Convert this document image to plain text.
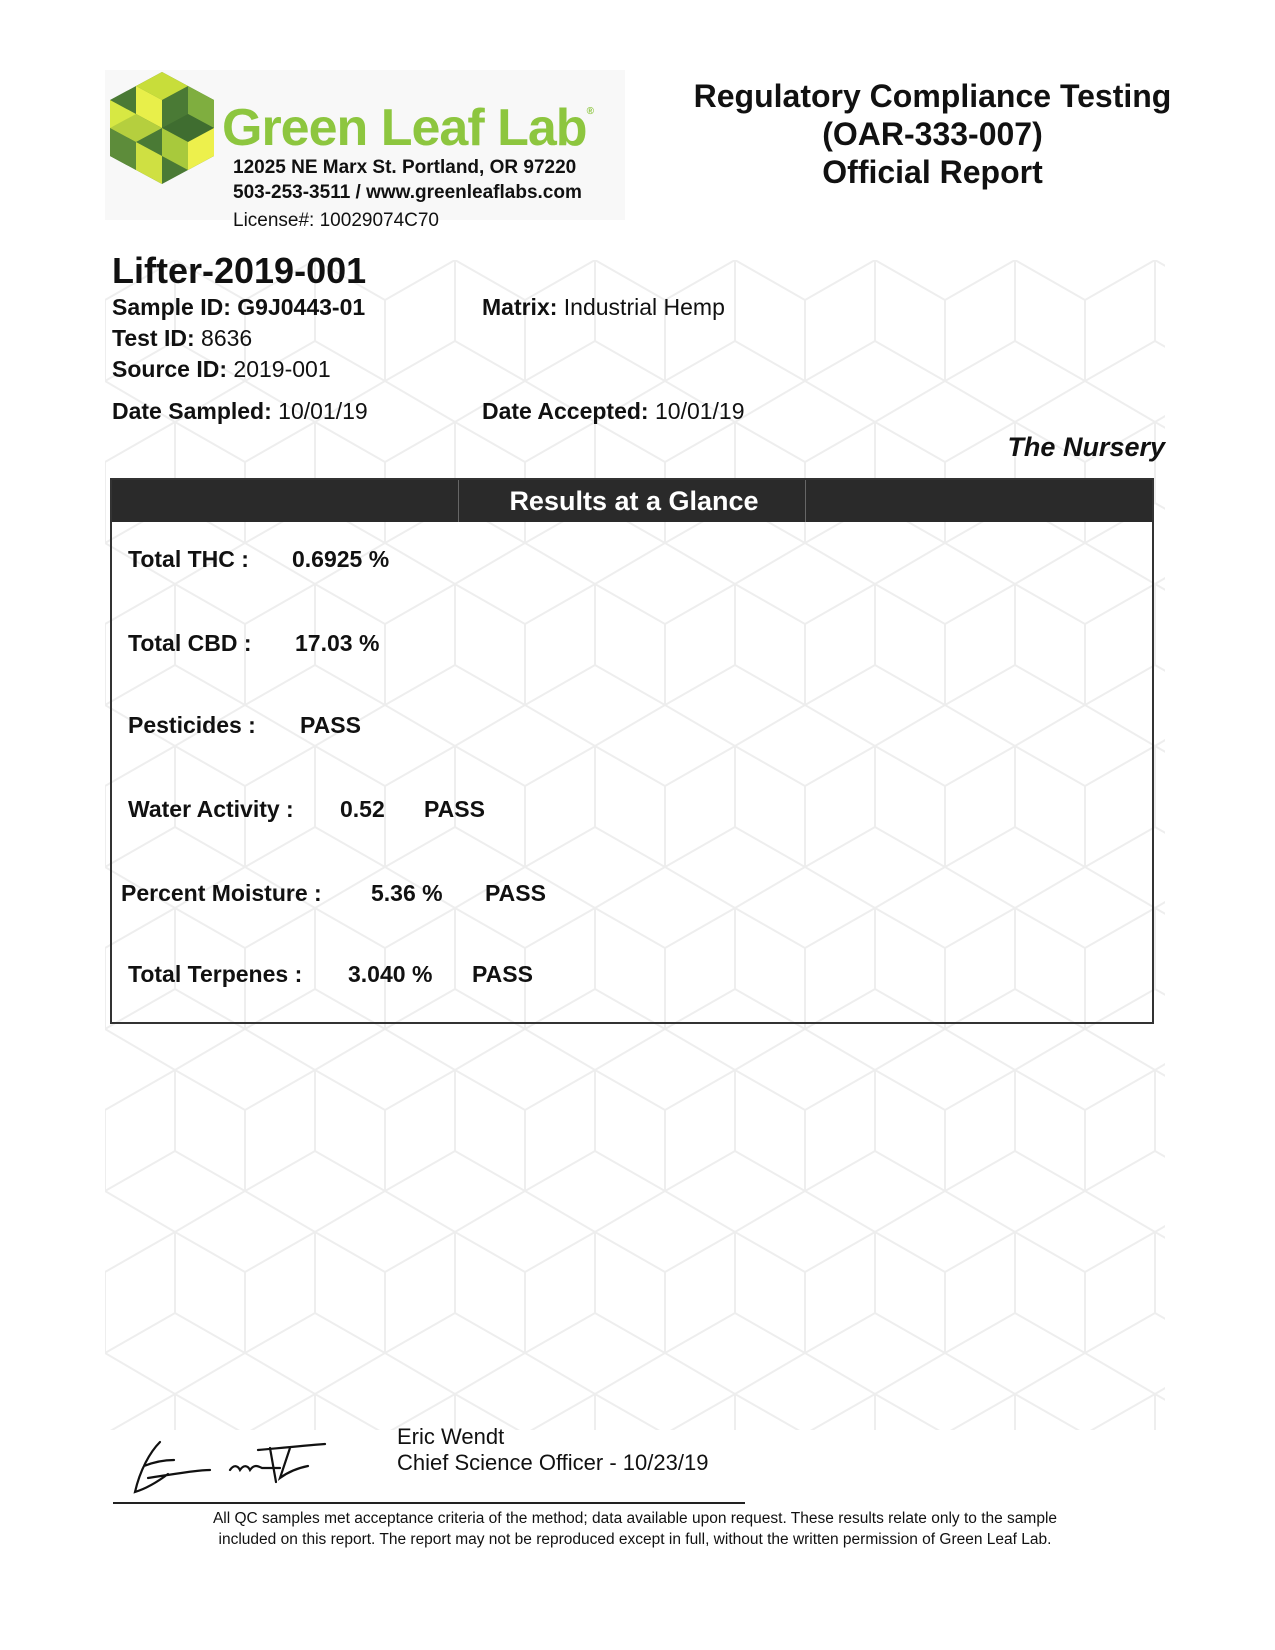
Green Leaf Lab®
12025 NE Marx St. Portland, OR 97220
503-253-3511 / www.greenleaflabs.com
License#: 10029074C70
Regulatory Compliance Testing
(OAR-333-007)
Official Report
Lifter-2019-001
Sample ID: G9J0443-01	Matrix: Industrial Hemp
Test ID: 8636
Source ID: 2019-001
Date Sampled: 10/01/19	Date Accepted: 10/01/19
The Nursery
Results at a Glance
Total THC : 0.6925 %
Total CBD : 17.03 %
Pesticides : PASS
Water Activity : 0.52 PASS
Percent Moisture : 5.36 % PASS
Total Terpenes : 3.040 % PASS
Eric Wendt
Chief Science Officer - 10/23/19
All QC samples met acceptance criteria of the method; data available upon request. These results relate only to the sample
included on this report. The report may not be reproduced except in full, without the written permission of Green Leaf Lab.
